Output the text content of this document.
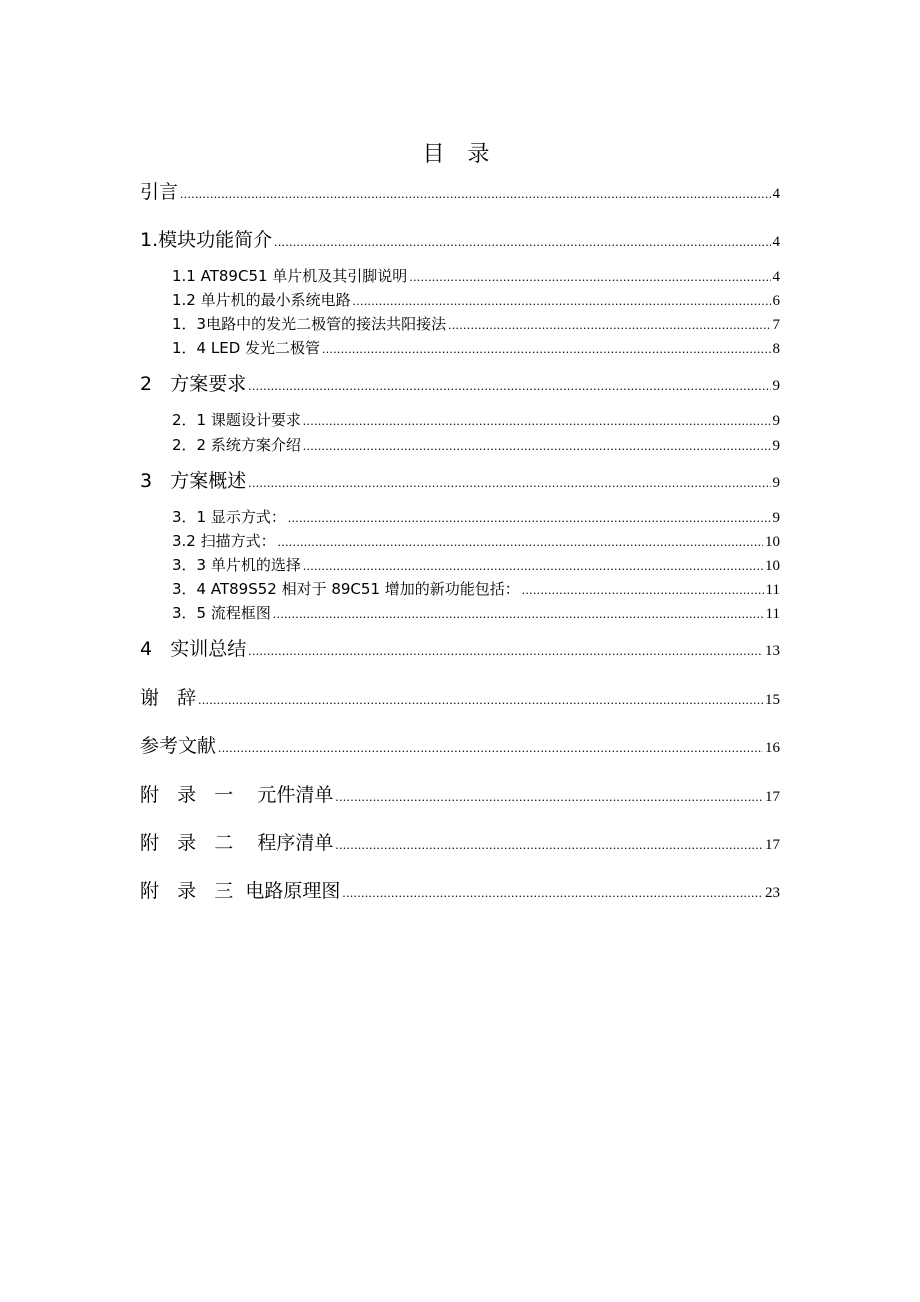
目 录
引言 .....	4
1.模块功能简介 .....	4
1.1 AT89C51 单片机及其引脚说明 .....	4
1.2 单片机的最小系统电路 .....	6
1．3电路中的发光二极管的接法共阳接法 .....	7
1．4 LED 发光二极管 .....	8
2   方案要求 .....	9
2．1 课题设计要求 .....	9
2．2 系统方案介绍 .....	9
3   方案概述 .....	9
3．1 显示方式： .....	9
3.2 扫描方式： .....	10
3．3 单片机的选择 .....	10
3．4 AT89S52 相对于 89C51 增加的新功能包括： .....	11
3．5 流程框图 .....	11
4   实训总结 .....	13
谢   辞 .....	15
参考文献 .....	16
附   录   一    元件清单 .....	17
附   录   二    程序清单 .....	17
附   录   三  电路原理图 .....	23
